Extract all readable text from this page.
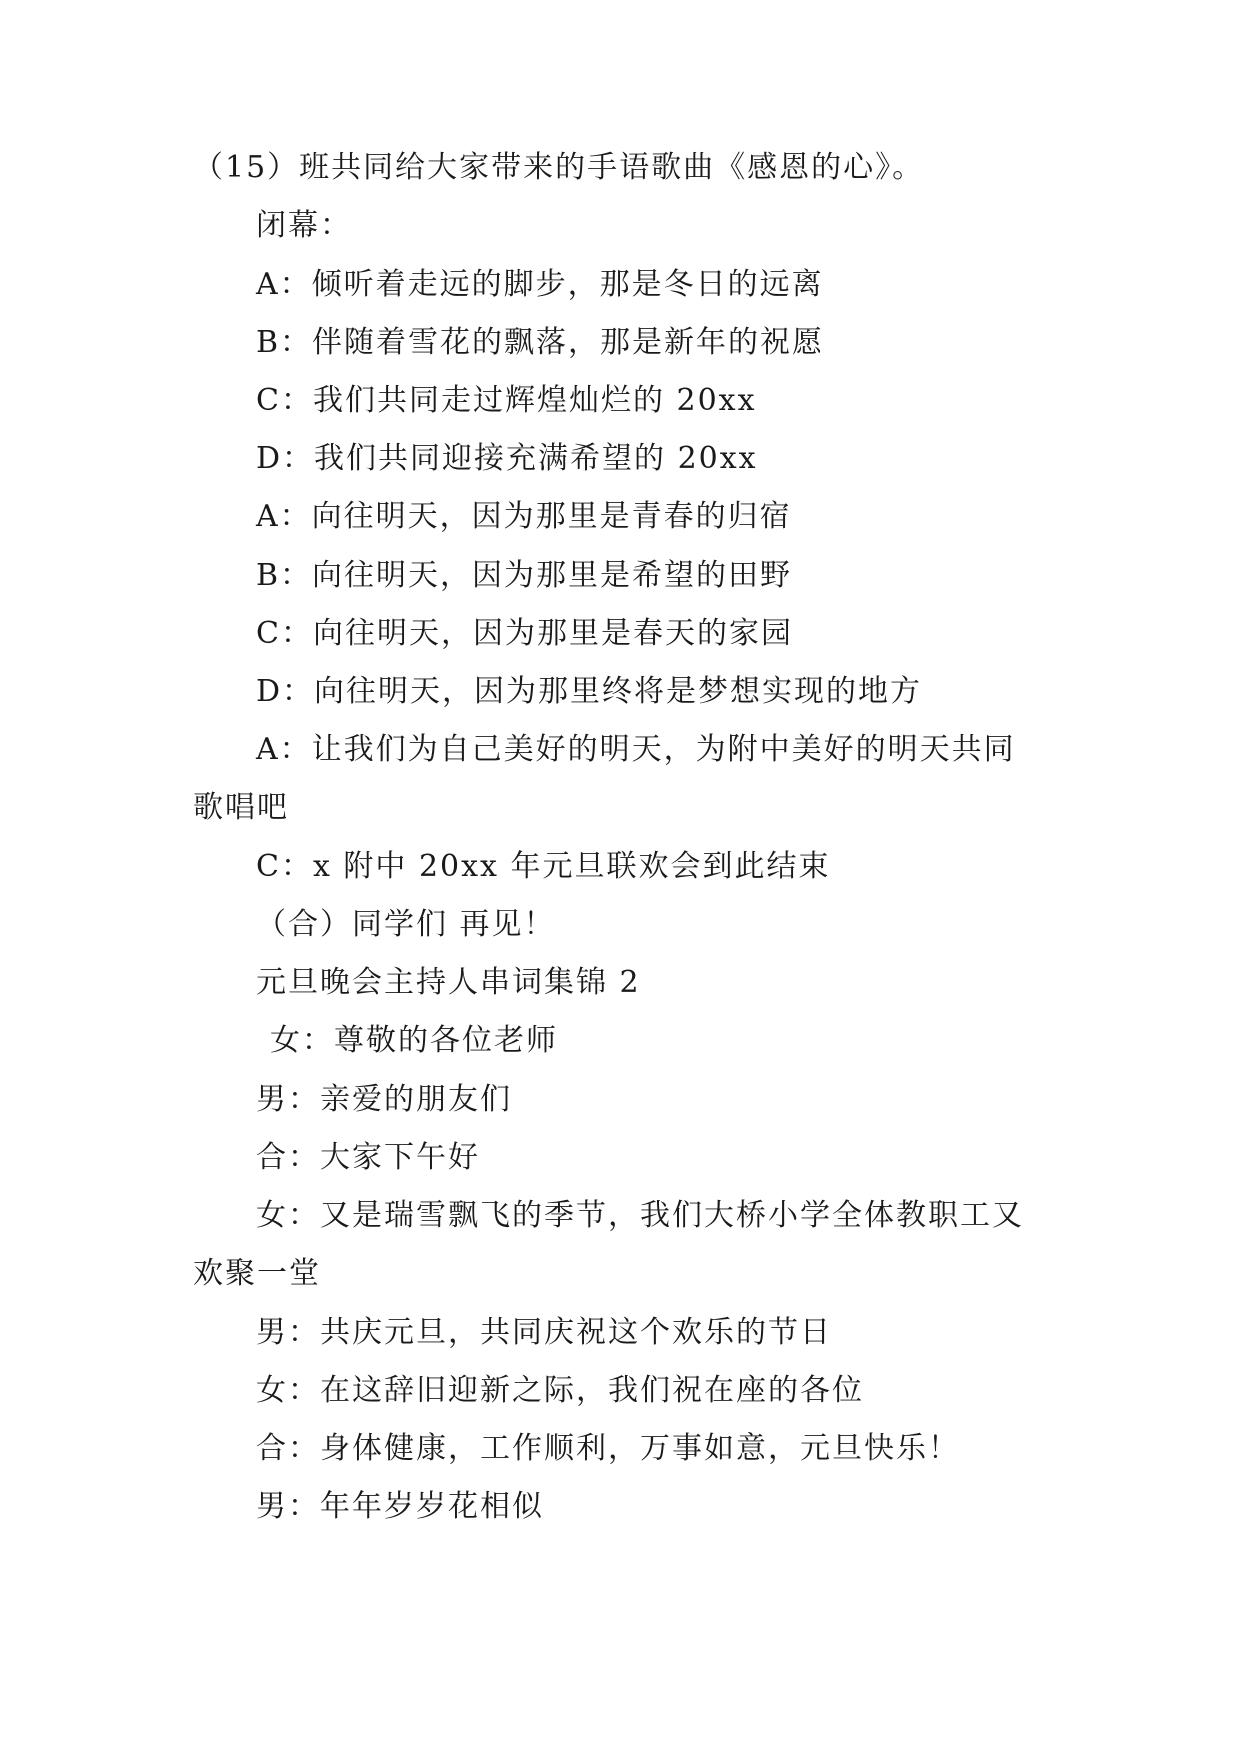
（15）班共同给大家带来的手语歌曲《感恩的心》。
闭幕：
A：倾听着走远的脚步，那是冬日的远离
B：伴随着雪花的飘落，那是新年的祝愿
C：我们共同走过辉煌灿烂的 20xx
D：我们共同迎接充满希望的 20xx
A：向往明天，因为那里是青春的归宿
B：向往明天，因为那里是希望的田野
C：向往明天，因为那里是春天的家园
D：向往明天，因为那里终将是梦想实现的地方
A：让我们为自己美好的明天，为附中美好的明天共同
歌唱吧
C：x 附中 20xx 年元旦联欢会到此结束
（合）同学们 再见！
元旦晚会主持人串词集锦 2
女：尊敬的各位老师
男：亲爱的朋友们
合：大家下午好
女：又是瑞雪飘飞的季节，我们大桥小学全体教职工又
欢聚一堂
男：共庆元旦，共同庆祝这个欢乐的节日
女：在这辞旧迎新之际，我们祝在座的各位
合：身体健康，工作顺利，万事如意，元旦快乐！
男：年年岁岁花相似
